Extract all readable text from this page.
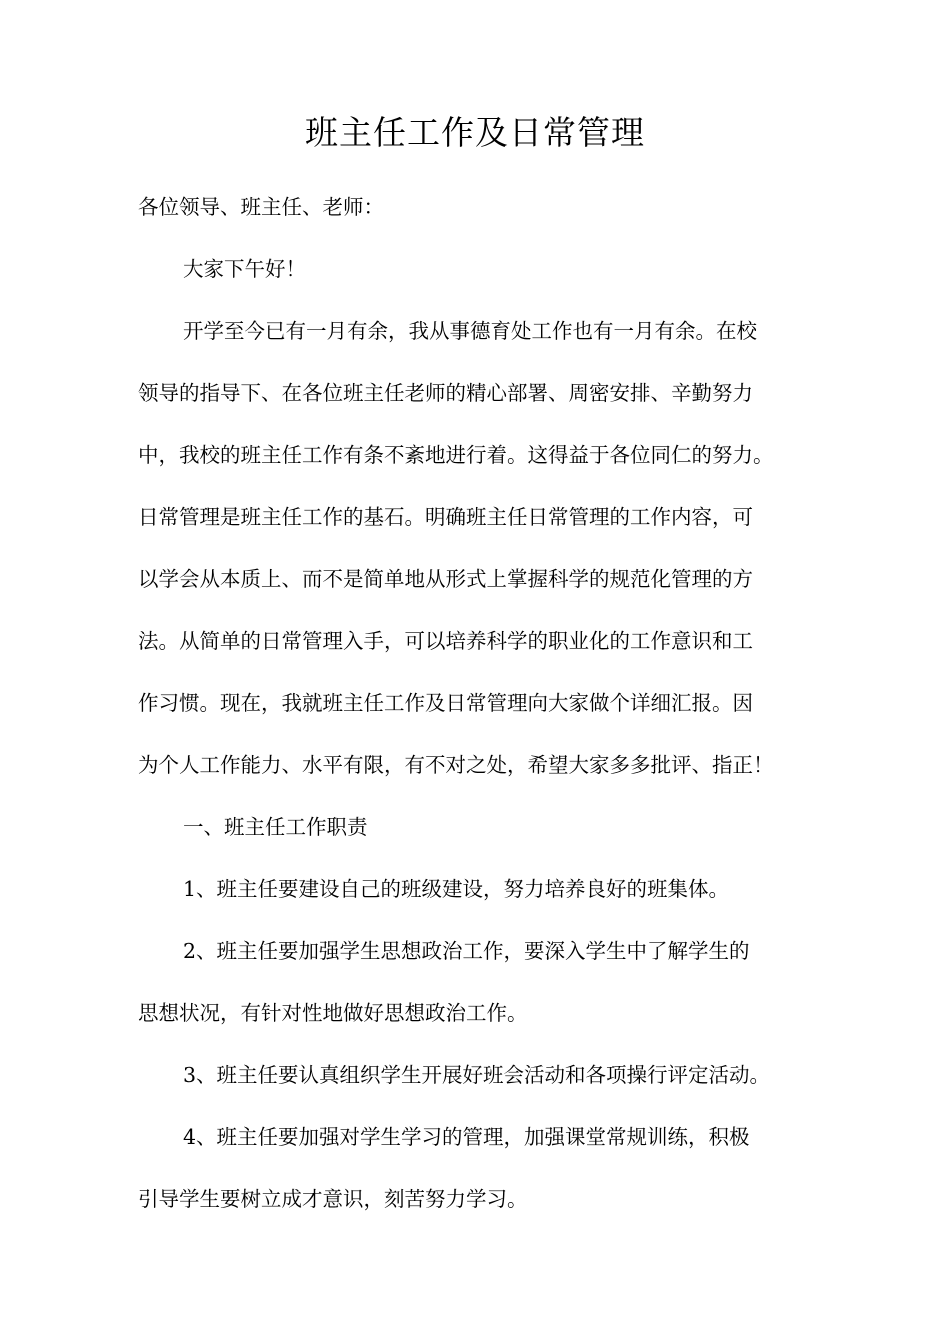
班主任工作及日常管理
各位领导、班主任、老师：
大家下午好！
开学至今已有一月有余，我从事德育处工作也有一月有余。在校
领导的指导下、在各位班主任老师的精心部署、周密安排、辛勤努力
中，我校的班主任工作有条不紊地进行着。这得益于各位同仁的努力。
日常管理是班主任工作的基石。明确班主任日常管理的工作内容，可
以学会从本质上、而不是简单地从形式上掌握科学的规范化管理的方
法。从简单的日常管理入手，可以培养科学的职业化的工作意识和工
作习惯。现在，我就班主任工作及日常管理向大家做个详细汇报。因
为个人工作能力、水平有限，有不对之处，希望大家多多批评、指正！
一、班主任工作职责
1、班主任要建设自己的班级建设，努力培养良好的班集体。
2、班主任要加强学生思想政治工作，要深入学生中了解学生的
思想状况，有针对性地做好思想政治工作。
3、班主任要认真组织学生开展好班会活动和各项操行评定活动。
4、班主任要加强对学生学习的管理，加强课堂常规训练，积极
引导学生要树立成才意识，刻苦努力学习。
